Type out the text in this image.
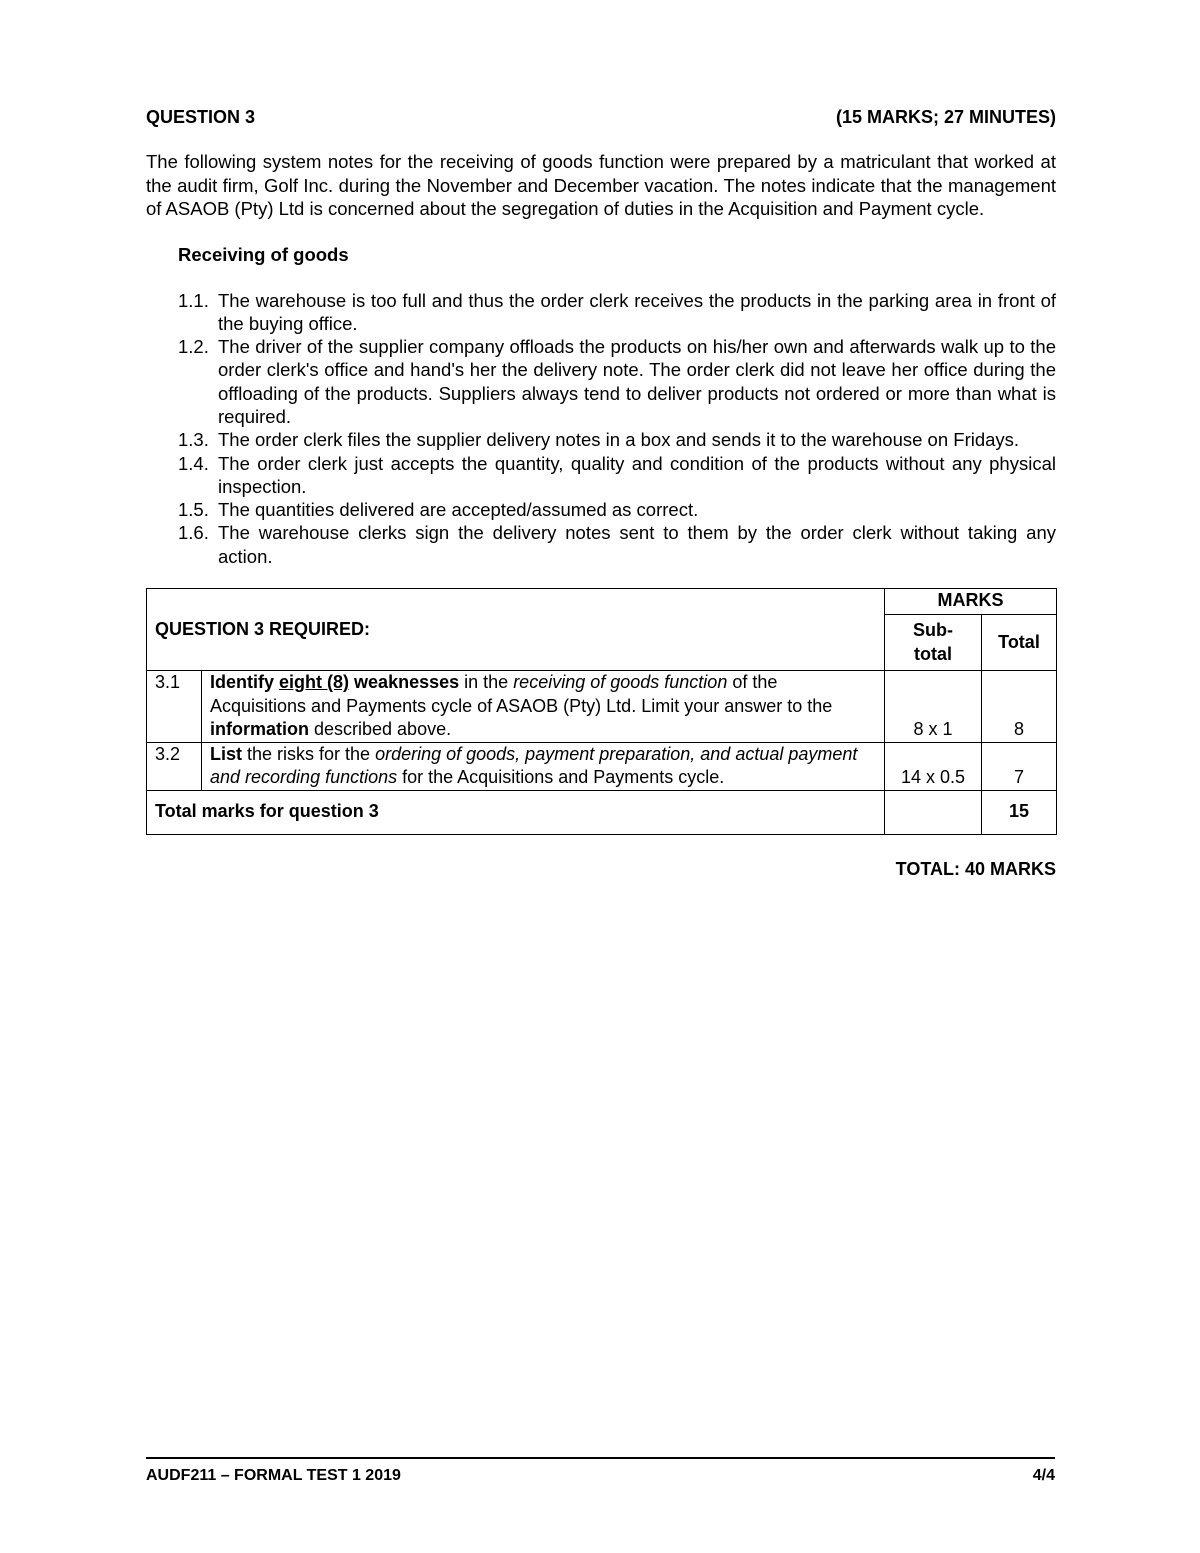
QUESTION 3	(15 MARKS; 27 MINUTES)

The following system notes for the receiving of goods function were prepared by a matriculant that worked at the audit firm, Golf Inc. during the November and December vacation. The notes indicate that the management of ASAOB (Pty) Ltd is concerned about the segregation of duties in the Acquisition and Payment cycle.

Receiving of goods
1.1. The warehouse is too full and thus the order clerk receives the products in the parking area in front of the buying office.
1.2. The driver of the supplier company offloads the products on his/her own and afterwards walk up to the order clerk's office and hand's her the delivery note. The order clerk did not leave her office during the offloading of the products. Suppliers always tend to deliver products not ordered or more than what is required.
1.3. The order clerk files the supplier delivery notes in a box and sends it to the warehouse on Fridays.
1.4. The order clerk just accepts the quantity, quality and condition of the products without any physical inspection.
1.5. The quantities delivered are accepted/assumed as correct.
1.6. The warehouse clerks sign the delivery notes sent to them by the order clerk without taking any action.
QUESTION 3 REQUIRED:		MARKS	
		Sub-total	Total
3.1	Identify eight (8) weaknesses in the receiving of goods function of the Acquisitions and Payments cycle of ASAOB (Pty) Ltd. Limit your answer to the information described above.	8 x 1	8
3.2	List the risks for the ordering of goods, payment preparation, and actual payment and recording functions for the Acquisitions and Payments cycle.	14 x 0.5	7
Total marks for question 3			15
TOTAL: 40 MARKS
AUDF211 – FORMAL TEST 1 2019	4/4
